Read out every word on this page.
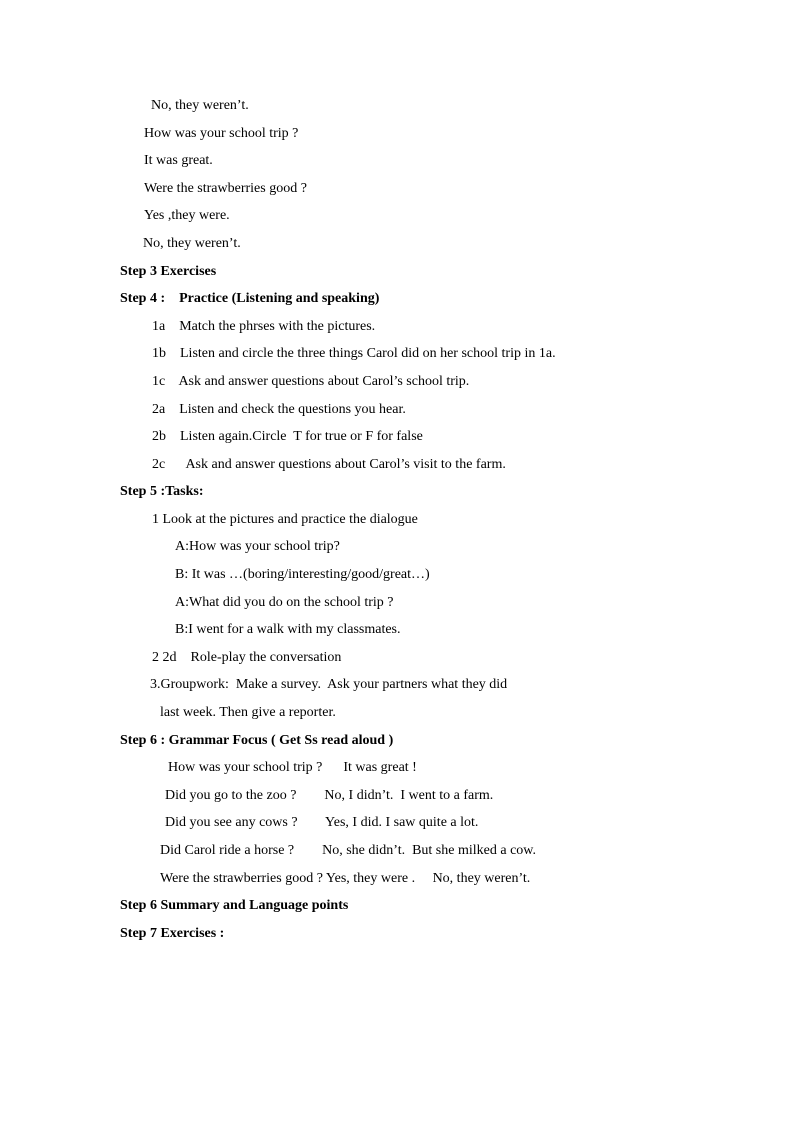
No, they weren’t.
How was your school trip ?
It was great.
Were the strawberries good ?
Yes ,they were.
No, they weren’t.
Step 3 Exercises
Step 4 :    Practice (Listening and speaking)
1a    Match the phrses with the pictures.
1b    Listen and circle the three things Carol did on her school trip in 1a.
1c    Ask and answer questions about Carol’s school trip.
2a    Listen and check the questions you hear.
2b    Listen again.Circle  T for true or F for false
2c      Ask and answer questions about Carol’s visit to the farm.
Step 5 :Tasks:
1 Look at the pictures and practice the dialogue
A:How was your school trip?
B: It was …(boring/interesting/good/great…)
A:What did you do on the school trip ?
B:I went for a walk with my classmates.
2 2d    Role-play the conversation
3.Groupwork:  Make a survey.  Ask your partners what they did
last week. Then give a reporter.
Step 6 : Grammar Focus ( Get Ss read aloud )
How was your school trip ?      It was great !
Did you go to the zoo ?        No, I didn’t.  I went to a farm.
Did you see any cows ?        Yes, I did. I saw quite a lot.
Did Carol ride a horse ?        No, she didn’t.  But she milked a cow.
Were the strawberries good ? Yes, they were .     No, they weren’t.
Step 6 Summary and Language points
Step 7 Exercises :
